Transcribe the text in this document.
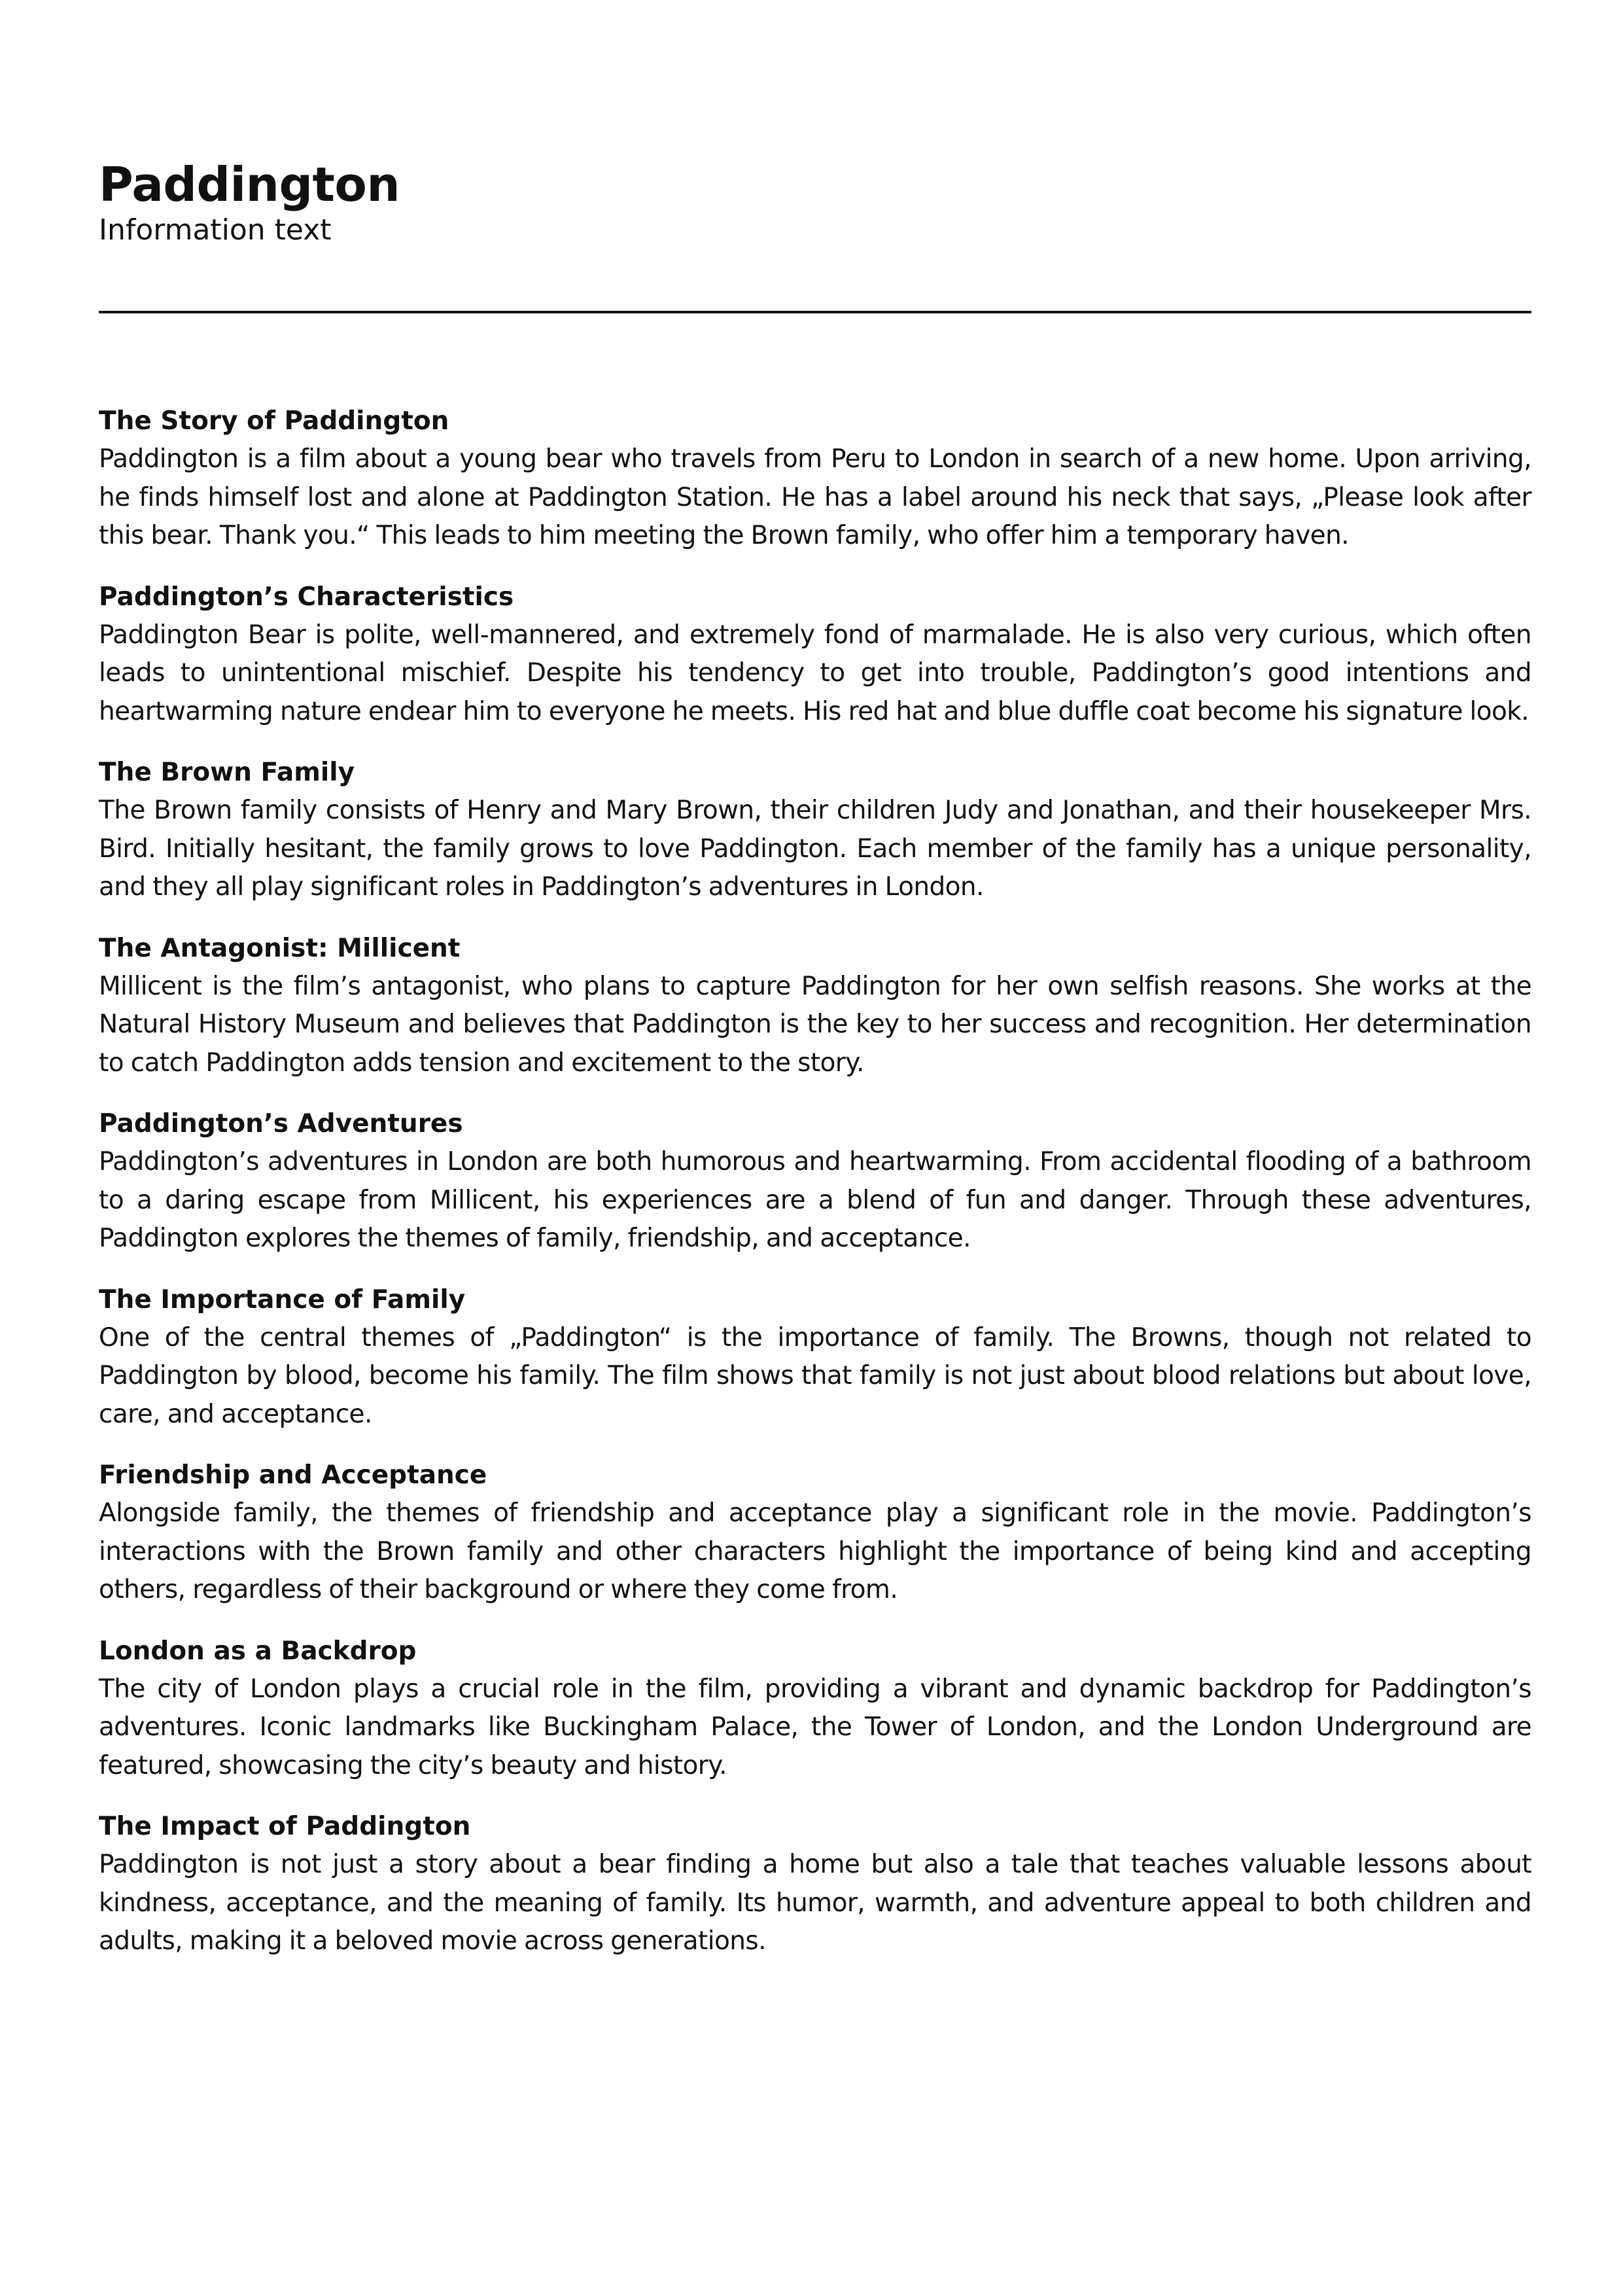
Paddington

Information text

The Story of Paddington

Paddington is a film about a young bear who travels from Peru to London in search of a new home. Upon arriving, he finds himself lost and alone at Paddington Station. He has a label around his neck that says, „Please look after this bear. Thank you.“ This leads to him meeting the Brown family, who offer him a temporary haven.

Paddington’s Characteristics

Paddington Bear is polite, well-mannered, and extremely fond of marmalade. He is also very curious, which often leads to unintentional mischief. Despite his tendency to get into trouble, Paddington’s good intentions and heartwarming nature endear him to everyone he meets. His red hat and blue duffle coat become his signature look.

The Brown Family

The Brown family consists of Henry and Mary Brown, their children Judy and Jonathan, and their housekeeper Mrs. Bird. Initially hesitant, the family grows to love Paddington. Each member of the family has a unique personality, and they all play significant roles in Paddington’s adventures in London.

The Antagonist: Millicent

Millicent is the film’s antagonist, who plans to capture Paddington for her own selfish reasons. She works at the Natural History Museum and believes that Paddington is the key to her success and recognition. Her determination to catch Paddington adds tension and excitement to the story.

Paddington’s Adventures

Paddington’s adventures in London are both humorous and heartwarming. From accidental flooding of a bathroom to a daring escape from Millicent, his experiences are a blend of fun and danger. Through these adventures, Paddington explores the themes of family, friendship, and acceptance.

The Importance of Family

One of the central themes of „Paddington“ is the importance of family. The Browns, though not related to Paddington by blood, become his family. The film shows that family is not just about blood relations but about love, care, and acceptance.

Friendship and Acceptance

Alongside family, the themes of friendship and acceptance play a significant role in the movie. Paddington’s interactions with the Brown family and other characters highlight the importance of being kind and accepting others, regardless of their background or where they come from.

London as a Backdrop

The city of London plays a crucial role in the film, providing a vibrant and dynamic backdrop for Paddington’s adventures. Iconic landmarks like Buckingham Palace, the Tower of London, and the London Underground are featured, showcasing the city’s beauty and history.

The Impact of Paddington

Paddington is not just a story about a bear finding a home but also a tale that teaches valuable lessons about kindness, acceptance, and the meaning of family. Its humor, warmth, and adventure appeal to both children and adults, making it a beloved movie across generations.
